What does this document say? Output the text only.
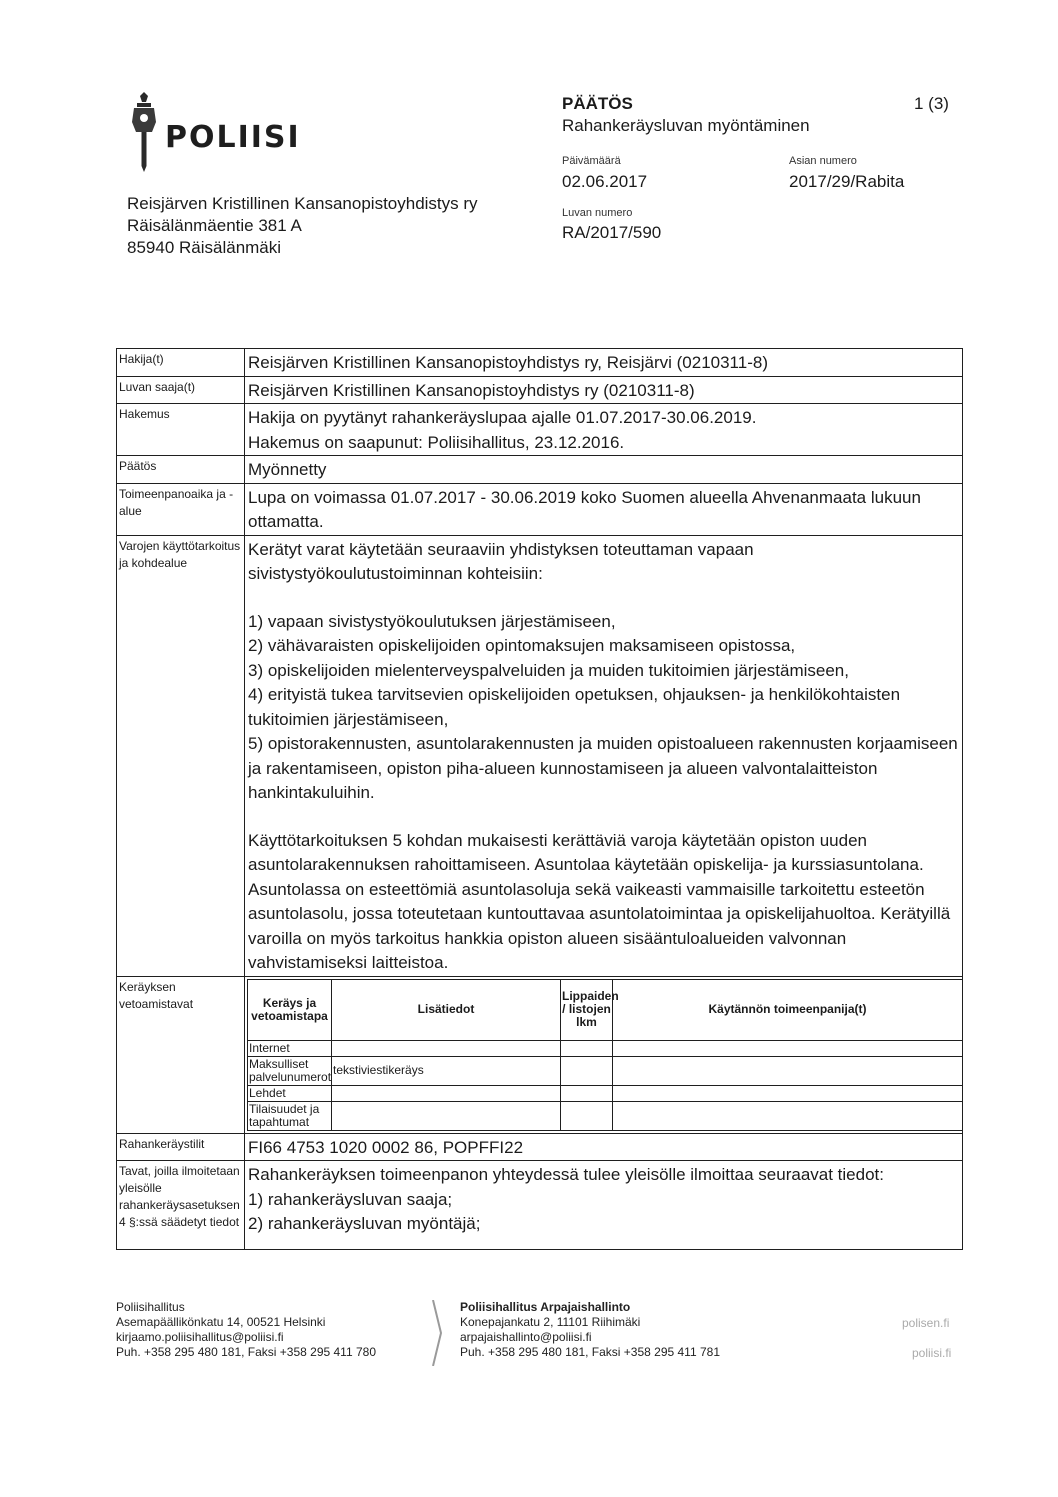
POLIISI
Reisjärven Kristillinen Kansanopistoyhdistys ry
Räisälänmäentie 381 A
85940 Räisälänmäki
PÄÄTÖS
Rahankeräysluvan myöntäminen
1 (3)
Päivämäärä
02.06.2017
Asian numero
2017/29/Rabita
Luvan numero
RA/2017/590
Hakija(t)	Reisjärven Kristillinen Kansanopistoyhdistys ry, Reisjärvi (0210311-8)
Luvan saaja(t)	Reisjärven Kristillinen Kansanopistoyhdistys ry (0210311-8)
Hakemus	Hakija on pyytänyt rahankeräyslupaa ajalle 01.07.2017-30.06.2019.
Hakemus on saapunut: Poliisihallitus, 23.12.2016.

Päätös	Myönnetty
Toimeenpanoaika ja -alue	Lupa on voimassa 01.07.2017 - 30.06.2019 koko Suomen alueella Ahvenanmaata lukuun ottamatta.
Varojen käyttötarkoitus ja kohdealue	
Kerätyt varat käytetään seuraaviin yhdistyksen toteuttaman vapaan sivistystyökoulutustoiminnan kohteisiin:
1) vapaan sivistystyökoulutuksen järjestämiseen,
2) vähävaraisten opiskelijoiden opintomaksujen maksamiseen opistossa,
3) opiskelijoiden mielenterveyspalveluiden ja muiden tukitoimien järjestämiseen,
4) erityistä tukea tarvitsevien opiskelijoiden opetuksen, ohjauksen- ja henkilökohtaisten tukitoimien järjestämiseen,
5) opistorakennusten, asuntolarakennusten ja muiden opistoalueen rakennusten korjaamiseen ja rakentamiseen, opiston piha-alueen kunnostamiseen ja alueen valvontalaitteiston hankintakuluihin.
Käyttötarkoituksen 5 kohdan mukaisesti kerättäviä varoja käytetään opiston uuden asuntolarakennuksen rahoittamiseen. Asuntolaa käytetään opiskelija- ja kurssiasuntolana. Asuntolassa on esteettömiä asuntolasoluja sekä vaikeasti vammaisille tarkoitettu esteetön asuntolasolu, jossa toteutetaan kuntouttavaa asuntolatoimintaa ja opiskelijahuoltoa. Kerätyillä varoilla on myös tarkoitus hankkia opiston alueen sisääntuloalueiden valvonnan vahvistamiseksi laitteistoa.

Keräyksen vetoamistavat		Keräys ja vetoamistapa	Lisätiedot	Lippaiden / listojen lkm	Käytännön toimeenpanija(t)
Internet			
Maksulliset palvelunumerot	tekstiviestikeräys		
Lehdet			
Tilaisuudet ja tapahtumat			

Rahankeräystilit	FI66 4753 1020 0002 86, POPFFI22
Tavat, joilla ilmoitetaan yleisölle rahankeräysasetuksen 4 §:ssä säädetyt tiedot	
Rahankeräyksen toimeenpanon yhteydessä tulee yleisölle ilmoittaa seuraavat tiedot:
1) rahankeräysluvan saaja;
2) rahankeräysluvan myöntäjä;
Poliisihallitus
Asemapäällikönkatu 14, 00521 Helsinki
kirjaamo.poliisihallitus@poliisi.fi
Puh. +358 295 480 181, Faksi +358 295 411 780
Poliisihallitus Arpajaishallinto
Konepajankatu 2, 11101 Riihimäki
arpajaishallinto@poliisi.fi
Puh. +358 295 480 181, Faksi +358 295 411 781
polisen.fi
poliisi.fi
